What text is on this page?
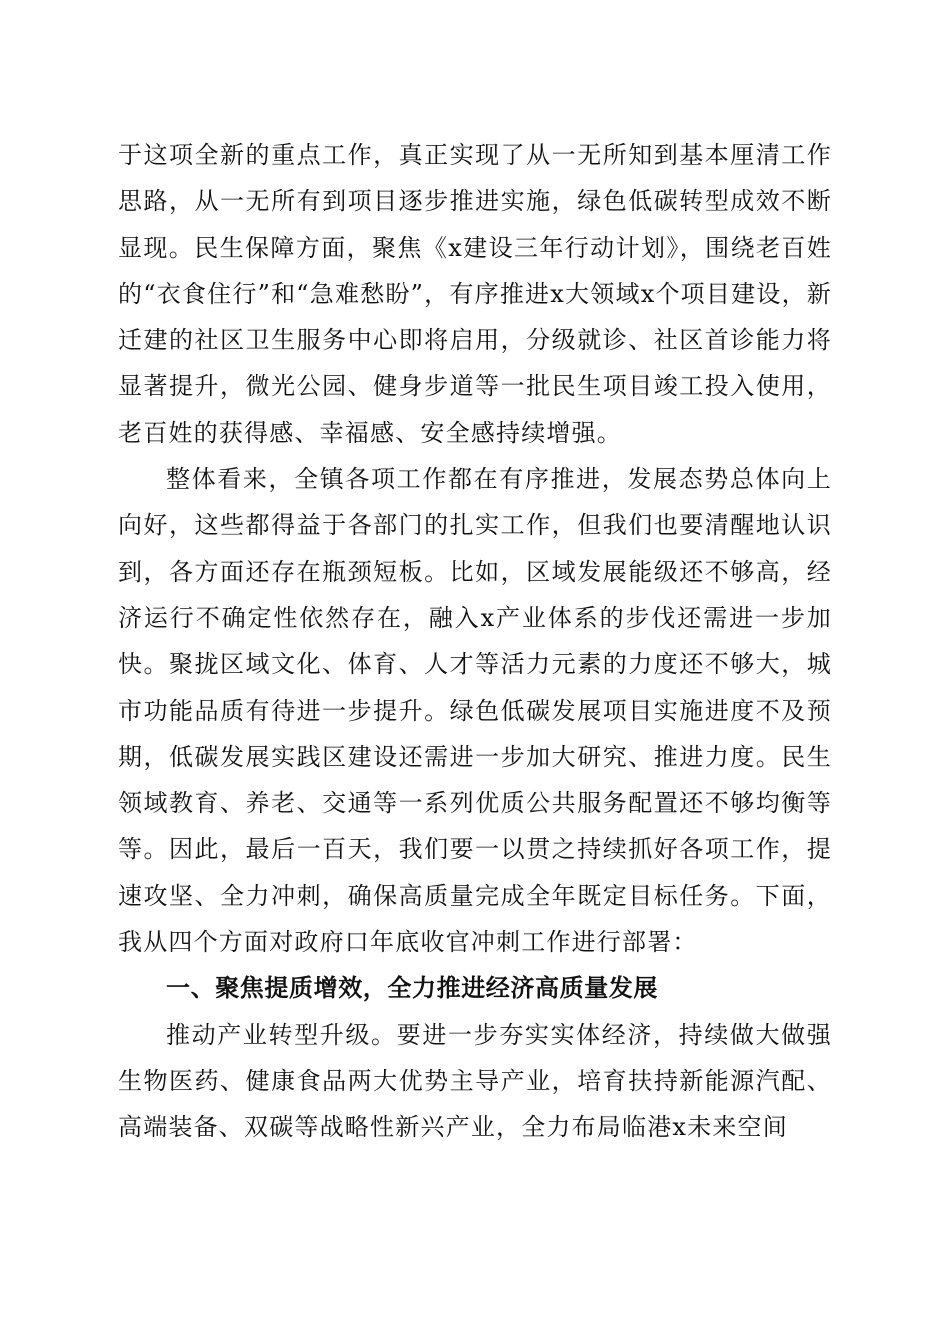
于这项全新的重点工作，真正实现了从一无所知到基本厘清工作思路，从一无所有到项目逐步推进实施，绿色低碳转型成效不断显现。民生保障方面，聚焦《x建设三年行动计划》，围绕老百姓的“衣食住行”和“急难愁盼”，有序推进x大领域x个项目建设，新迁建的社区卫生服务中心即将启用，分级就诊、社区首诊能力将显著提升，微光公园、健身步道等一批民生项目竣工投入使用，老百姓的获得感、幸福感、安全感持续增强。

整体看来，全镇各项工作都在有序推进，发展态势总体向上向好，这些都得益于各部门的扎实工作，但我们也要清醒地认识到，各方面还存在瓶颈短板。比如，区域发展能级还不够高，经济运行不确定性依然存在，融入x产业体系的步伐还需进一步加快。聚拢区域文化、体育、人才等活力元素的力度还不够大，城市功能品质有待进一步提升。绿色低碳发展项目实施进度不及预期，低碳发展实践区建设还需进一步加大研究、推进力度。民生领域教育、养老、交通等一系列优质公共服务配置还不够均衡等等。因此，最后一百天，我们要一以贯之持续抓好各项工作，提速攻坚、全力冲刺，确保高质量完成全年既定目标任务。下面，我从四个方面对政府口年底收官冲刺工作进行部署：

一、聚焦提质增效，全力推进经济高质量发展

推动产业转型升级。要进一步夯实实体经济，持续做大做强生物医药、健康食品两大优势主导产业，培育扶持新能源汽配、高端装备、双碳等战略性新兴产业，全力布局临港x未来空间
